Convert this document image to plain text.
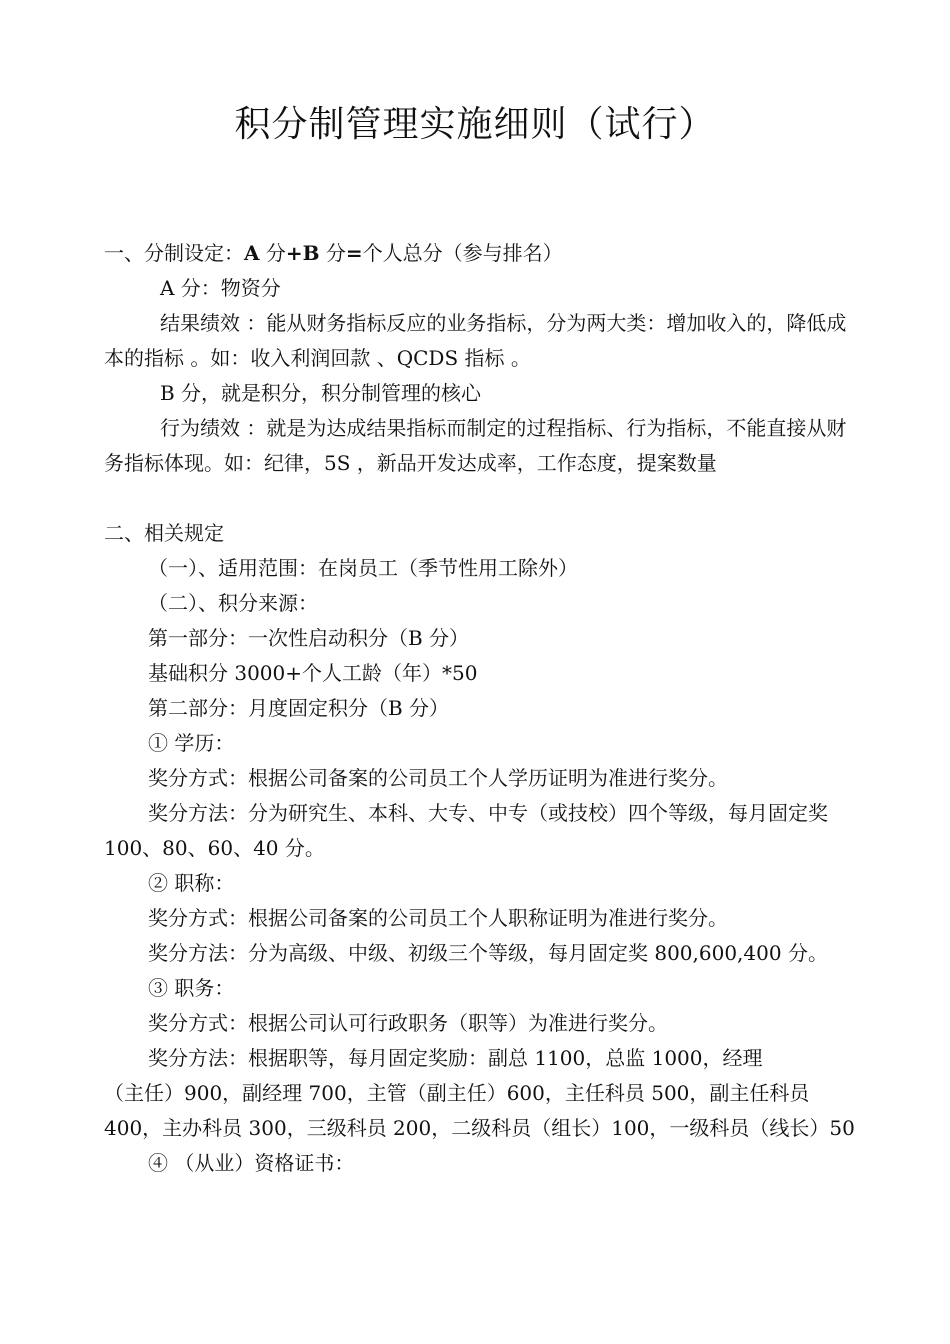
积分制管理实施细则（试行）

一、分制设定：A 分+B 分=个人总分（参与排名）

A 分：物资分

结果绩效 ：能从财务指标反应的业务指标，分为两大类：增加收入的，降低成本的指标 。如：收入利润回款 、QCDS 指标 。

B 分，就是积分，积分制管理的核心

行为绩效 ：就是为达成结果指标而制定的过程指标、行为指标，不能直接从财务指标体现。如：纪律，5S ，新品开发达成率，工作态度，提案数量

二、相关规定

（一）、适用范围：在岗员工（季节性用工除外）

（二）、积分来源：

第一部分：一次性启动积分（B 分）

基础积分 3000+个人工龄（年）*50

第二部分：月度固定积分（B 分）

① 学历：

奖分方式：根据公司备案的公司员工个人学历证明为准进行奖分。

奖分方法：分为研究生、本科、大专、中专（或技校）四个等级，每月固定奖 100、80、60、40 分。

② 职称：

奖分方式：根据公司备案的公司员工个人职称证明为准进行奖分。

奖分方法：分为高级、中级、初级三个等级，每月固定奖 800,600,400 分。

③ 职务：

奖分方式：根据公司认可行政职务（职等）为准进行奖分。

奖分方法：根据职等，每月固定奖励：副总 1100，总监 1000，经理

（主任）900，副经理 700，主管（副主任）600，主任科员 500，副主任科员 400，主办科员 300，三级科员 200，二级科员（组长）100，一级科员（线长）50

④ （从业）资格证书：
